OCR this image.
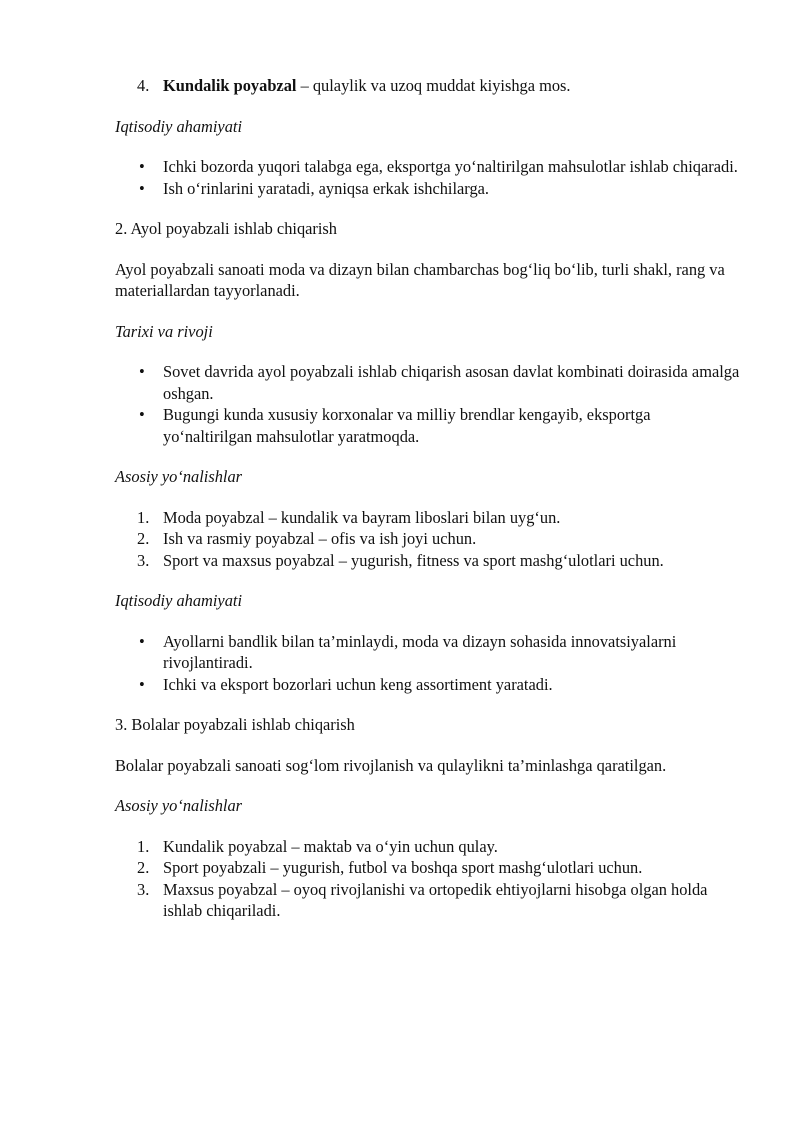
4. Kundalik poyabzal – qulaylik va uzoq muddat kiyishga mos.

Iqtisodiy ahamiyati

• Ichki bozorda yuqori talabga ega, eksportga yo‘naltirilgan mahsulotlar ishlab chiqaradi.
• Ish o‘rinlarini yaratadi, ayniqsa erkak ishchilarga.

2. Ayol poyabzali ishlab chiqarish

Ayol poyabzali sanoati moda va dizayn bilan chambarchas bog‘liq bo‘lib, turli shakl, rang va materiallardan tayyorlanadi.

Tarixi va rivoji

• Sovet davrida ayol poyabzali ishlab chiqarish asosan davlat kombinati doirasida amalga oshgan.
• Bugungi kunda xususiy korxonalar va milliy brendlar kengayib, eksportga yo‘naltirilgan mahsulotlar yaratmoqda.

Asosiy yo‘nalishlar

1. Moda poyabzal – kundalik va bayram liboslari bilan uyg‘un.
2. Ish va rasmiy poyabzal – ofis va ish joyi uchun.
3. Sport va maxsus poyabzal – yugurish, fitness va sport mashg‘ulotlari uchun.

Iqtisodiy ahamiyati

• Ayollarni bandlik bilan ta’minlaydi, moda va dizayn sohasida innovatsiyalarni rivojlantiradi.
• Ichki va eksport bozorlari uchun keng assortiment yaratadi.

3. Bolalar poyabzali ishlab chiqarish

Bolalar poyabzali sanoati sog‘lom rivojlanish va qulaylikni ta’minlashga qaratilgan.

Asosiy yo‘nalishlar

1. Kundalik poyabzal – maktab va o‘yin uchun qulay.
2. Sport poyabzali – yugurish, futbol va boshqa sport mashg‘ulotlari uchun.
3. Maxsus poyabzal – oyoq rivojlanishi va ortopedik ehtiyojlarni hisobga olgan holda ishlab chiqariladi.
